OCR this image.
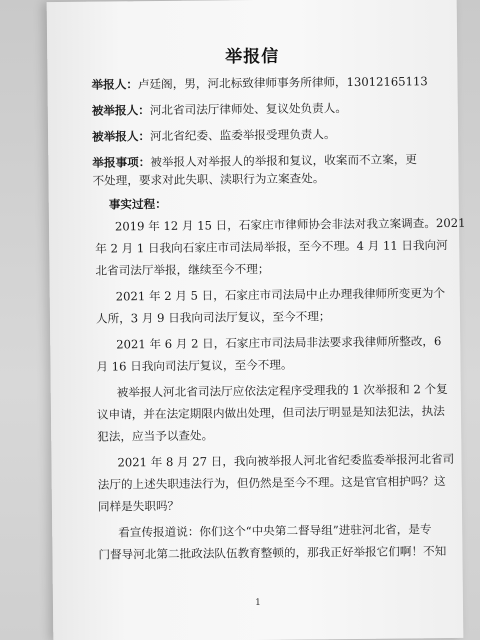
举报信
举报人：卢廷阁，男，河北标致律师事务所律师，13012165113
被举报人：河北省司法厅律师处、复议处负责人。
被举报人：河北省纪委、监委举报受理负责人。
举报事项：被举报人对举报人的举报和复议，收案而不立案，更
不处理，要求对此失职、渎职行为立案查处。
事实过程：
2019 年 12 月 15 日，石家庄市律师协会非法对我立案调查。2021
年 2 月 1 日我向石家庄市司法局举报，至今不理。4 月 11 日我向河
北省司法厅举报，继续至今不理；
2021 年 2 月 5 日，石家庄市司法局中止办理我律师所变更为个
人所，3 月 9 日我向司法厅复议，至今不理；
2021 年 6 月 2 日，石家庄市司法局非法要求我律师所整改，6
月 16 日我向司法厅复议，至今不理。
被举报人河北省司法厅应依法定程序受理我的 1 次举报和 2 个复
议申请，并在法定期限内做出处理，但司法厅明显是知法犯法，执法
犯法，应当予以查处。
2021 年 8 月 27 日，我向被举报人河北省纪委监委举报河北省司
法厅的上述失职违法行为，但仍然是至今不理。这是官官相护吗？这
同样是失职吗？
看宣传报道说：你们这个“中央第二督导组”进驻河北省，是专
门督导河北第二批政法队伍教育整顿的，那我正好举报它们啊！不知
1
